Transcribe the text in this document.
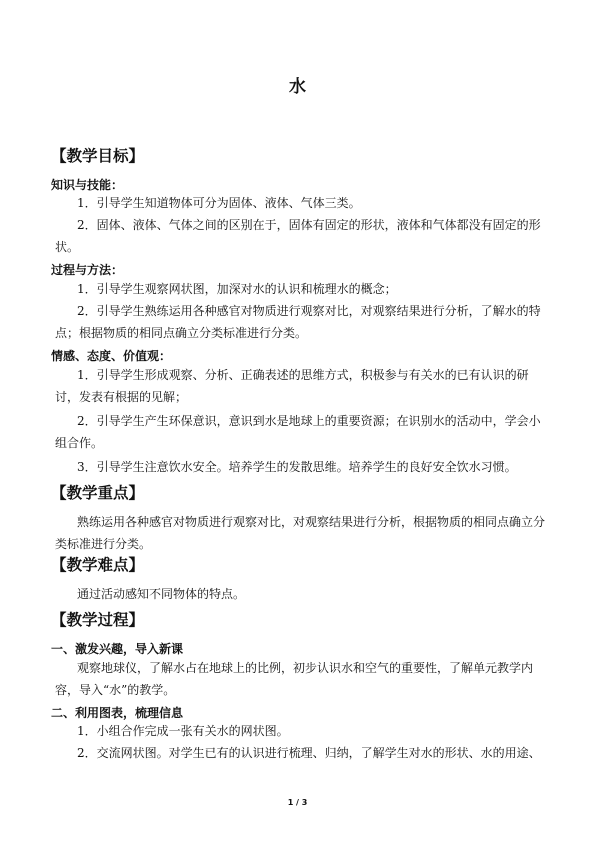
水
【教学目标】
知识与技能：
1．引导学生知道物体可分为固体、液体、气体三类。
2．固体、液体、气体之间的区别在于，固体有固定的形状，液体和气体都没有固定的形状。
过程与方法：
1．引导学生观察网状图，加深对水的认识和梳理水的概念；
2．引导学生熟练运用各种感官对物质进行观察对比，对观察结果进行分析，了解水的特点；根据物质的相同点确立分类标准进行分类。
情感、态度、价值观：
1．引导学生形成观察、分析、正确表述的思维方式，积极参与有关水的已有认识的研讨，发表有根据的见解；
2．引导学生产生环保意识，意识到水是地球上的重要资源；在识别水的活动中，学会小组合作。
3．引导学生注意饮水安全。培养学生的发散思维。培养学生的良好安全饮水习惯。
【教学重点】
熟练运用各种感官对物质进行观察对比，对观察结果进行分析，根据物质的相同点确立分类标准进行分类。
【教学难点】
通过活动感知不同物体的特点。
【教学过程】
一、激发兴趣，导入新课
观察地球仪，了解水占在地球上的比例，初步认识水和空气的重要性，了解单元教学内容，导入“水”的教学。
二、利用图表，梳理信息
1．小组合作完成一张有关水的网状图。
2．交流网状图。对学生已有的认识进行梳理、归纳，了解学生对水的形状、水的用途、
1 / 3
